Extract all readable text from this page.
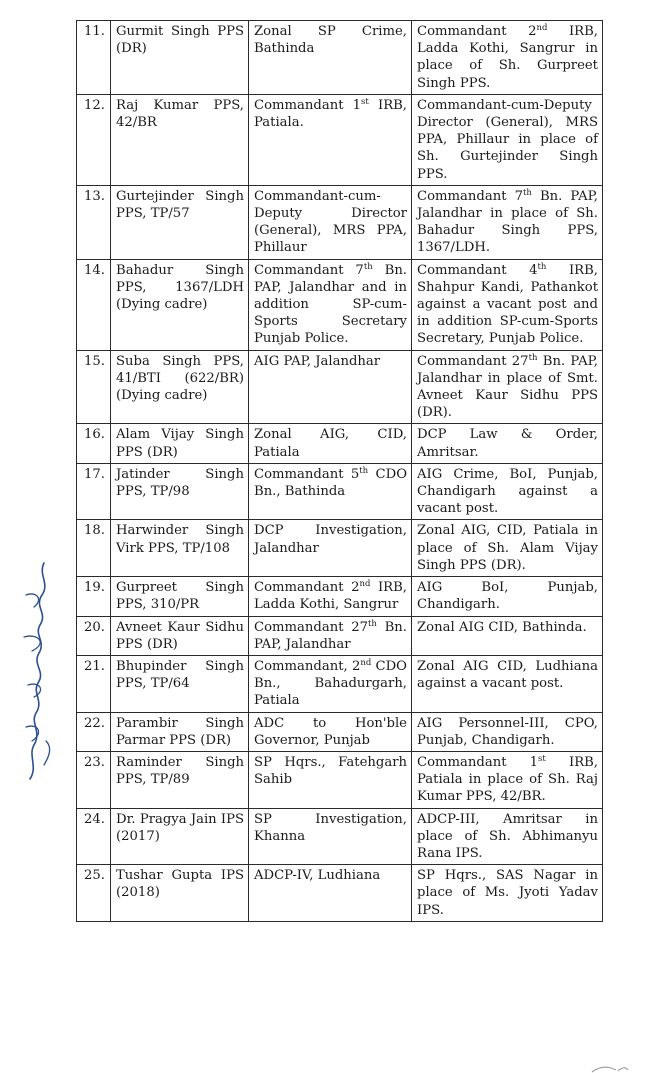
11.	Gurmit Singh PPS (DR)	Zonal SP Crime, Bathinda	Commandant 2nd IRB, Ladda Kothi, Sangrur in place of Sh. Gurpreet Singh PPS.
12.	Raj Kumar PPS, 42/BR	Commandant 1st IRB, Patiala.	Commandant-cum-Deputy Director (General), MRS PPA, Phillaur in place of Sh. Gurtejinder Singh PPS.
13.	Gurtejinder Singh PPS, TP/57	Commandant-cum-Deputy Director (General), MRS PPA, Phillaur	Commandant 7th Bn. PAP, Jalandhar in place of Sh. Bahadur Singh PPS, 1367/LDH.
14.	Bahadur Singh PPS, 1367/LDH (Dying cadre)	Commandant 7th Bn. PAP, Jalandhar and in addition SP-cum-Sports Secretary Punjab Police.	Commandant 4th IRB, Shahpur Kandi, Pathankot against a vacant post and in addition SP-cum-Sports Secretary, Punjab Police.
15.	Suba Singh PPS, 41/BTI (622/BR) (Dying cadre)	AIG PAP, Jalandhar	Commandant 27th Bn. PAP, Jalandhar in place of Smt. Avneet Kaur Sidhu PPS (DR).
16.	Alam Vijay Singh PPS (DR)	Zonal AIG, CID, Patiala	DCP Law & Order, Amritsar.
17.	Jatinder Singh PPS, TP/98	Commandant 5th CDO Bn., Bathinda	AIG Crime, BoI, Punjab, Chandigarh against a vacant post.
18.	Harwinder Singh Virk PPS, TP/108	DCP Investigation, Jalandhar	Zonal AIG, CID, Patiala in place of Sh. Alam Vijay Singh PPS (DR).
19.	Gurpreet Singh PPS, 310/PR	Commandant 2nd IRB, Ladda Kothi, Sangrur	AIG BoI, Punjab, Chandigarh.
20.	Avneet Kaur Sidhu PPS (DR)	Commandant 27th Bn. PAP, Jalandhar	Zonal AIG CID, Bathinda.
21.	Bhupinder Singh PPS, TP/64	Commandant, 2nd CDO Bn., Bahadurgarh, Patiala	Zonal AIG CID, Ludhiana against a vacant post.
22.	Parambir Singh Parmar PPS (DR)	ADC to Hon'ble Governor, Punjab	AIG Personnel-III, CPO, Punjab, Chandigarh.
23.	Raminder Singh PPS, TP/89	SP Hqrs., Fatehgarh Sahib	Commandant 1st IRB, Patiala in place of Sh. Raj Kumar PPS, 42/BR.
24.	Dr. Pragya Jain IPS (2017)	SP Investigation, Khanna	ADCP-III, Amritsar in place of Sh. Abhimanyu Rana IPS.
25.	Tushar Gupta IPS (2018)	ADCP-IV, Ludhiana	SP Hqrs., SAS Nagar in place of Ms. Jyoti Yadav IPS.
